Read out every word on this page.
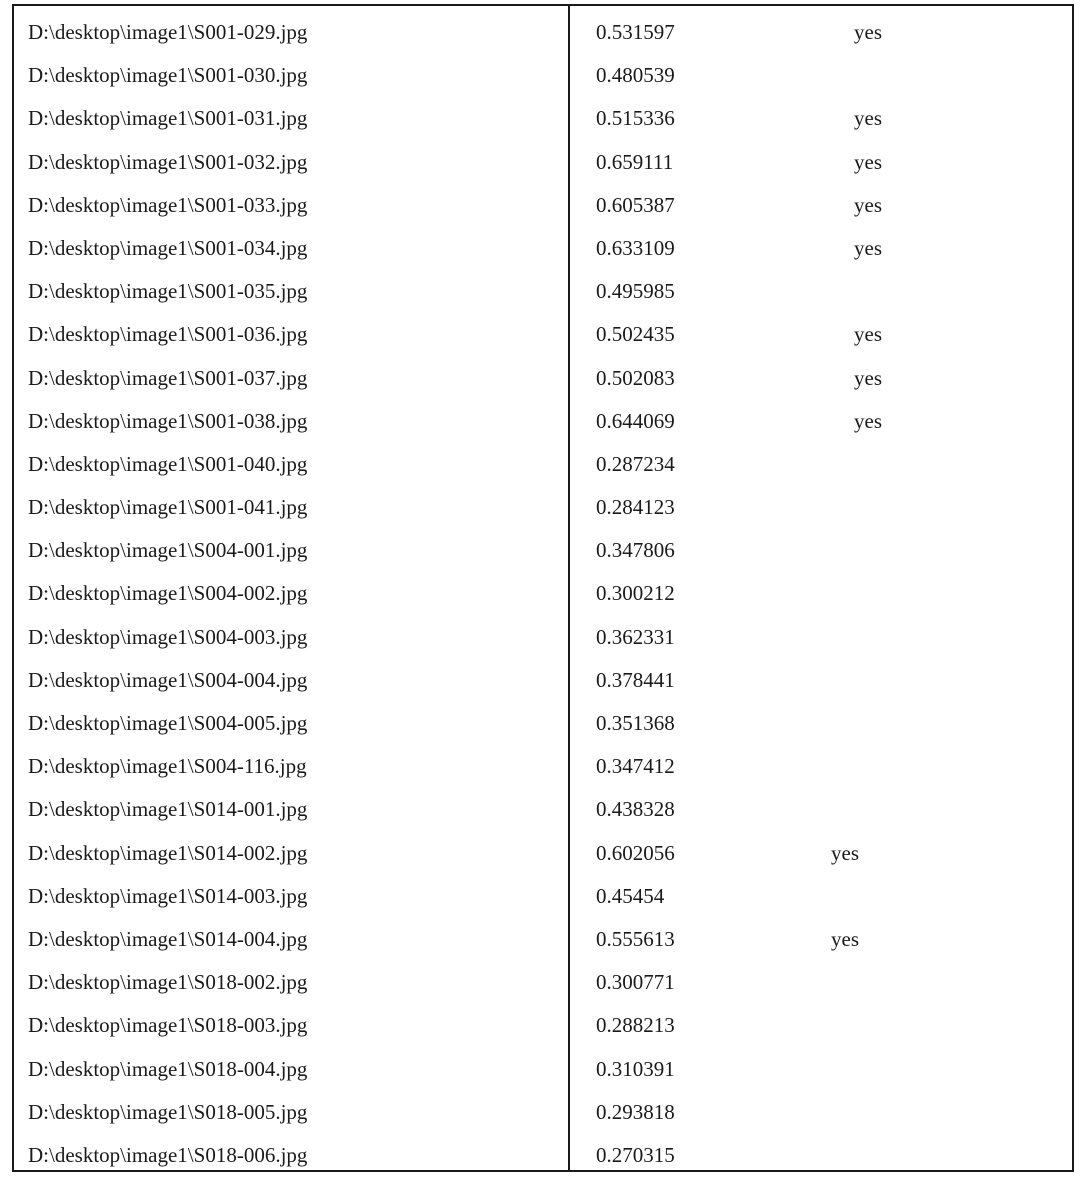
D:\desktop\image1\S001-029.jpg	0.531597	yes
D:\desktop\image1\S001-030.jpg	0.480539
D:\desktop\image1\S001-031.jpg	0.515336	yes
D:\desktop\image1\S001-032.jpg	0.659111	yes
D:\desktop\image1\S001-033.jpg	0.605387	yes
D:\desktop\image1\S001-034.jpg	0.633109	yes
D:\desktop\image1\S001-035.jpg	0.495985
D:\desktop\image1\S001-036.jpg	0.502435	yes
D:\desktop\image1\S001-037.jpg	0.502083	yes
D:\desktop\image1\S001-038.jpg	0.644069	yes
D:\desktop\image1\S001-040.jpg	0.287234
D:\desktop\image1\S001-041.jpg	0.284123
D:\desktop\image1\S004-001.jpg	0.347806
D:\desktop\image1\S004-002.jpg	0.300212
D:\desktop\image1\S004-003.jpg	0.362331
D:\desktop\image1\S004-004.jpg	0.378441
D:\desktop\image1\S004-005.jpg	0.351368
D:\desktop\image1\S004-116.jpg	0.347412
D:\desktop\image1\S014-001.jpg	0.438328
D:\desktop\image1\S014-002.jpg	0.602056	yes
D:\desktop\image1\S014-003.jpg	0.45454
D:\desktop\image1\S014-004.jpg	0.555613	yes
D:\desktop\image1\S018-002.jpg	0.300771
D:\desktop\image1\S018-003.jpg	0.288213
D:\desktop\image1\S018-004.jpg	0.310391
D:\desktop\image1\S018-005.jpg	0.293818
D:\desktop\image1\S018-006.jpg	0.270315
